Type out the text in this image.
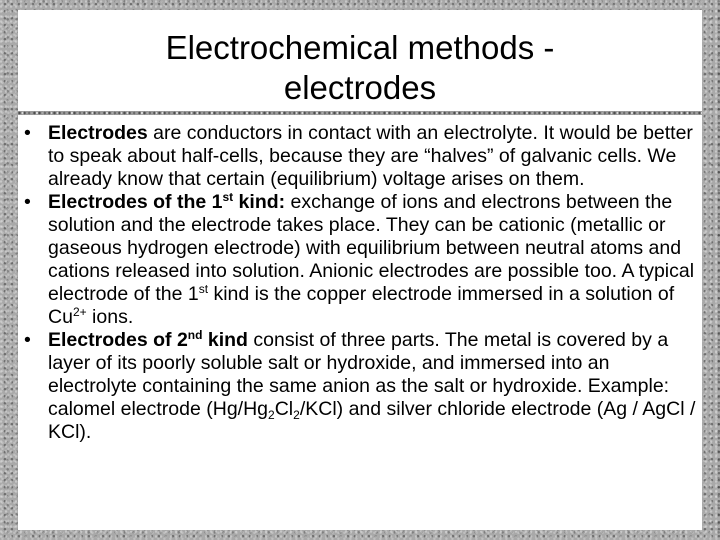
Electrochemical methods -
electrodes
• Electrodes are conductors in contact with an electrolyte. It would be better to speak about half-cells, because they are “halves” of galvanic cells. We already know that certain (equilibrium) voltage arises on them.
• Electrodes of the 1st kind: exchange of ions and electrons between the solution and the electrode takes place. They can be cationic (metallic or gaseous hydrogen electrode) with equilibrium between neutral atoms and cations released into solution. Anionic electrodes are possible too. A typical electrode of the 1st kind is the copper electrode immersed in a solution of $Cu^{2+}$ ions.
• Electrodes of 2nd kind consist of three parts. The metal is covered by a layer of its poorly soluble salt or hydroxide, and immersed into an electrolyte containing the same anion as the salt or hydroxide. Example: calomel electrode $(Hg/Hg_2Cl_2/KCl)$ and silver chloride electrode (Ag / AgCl / KCl).
